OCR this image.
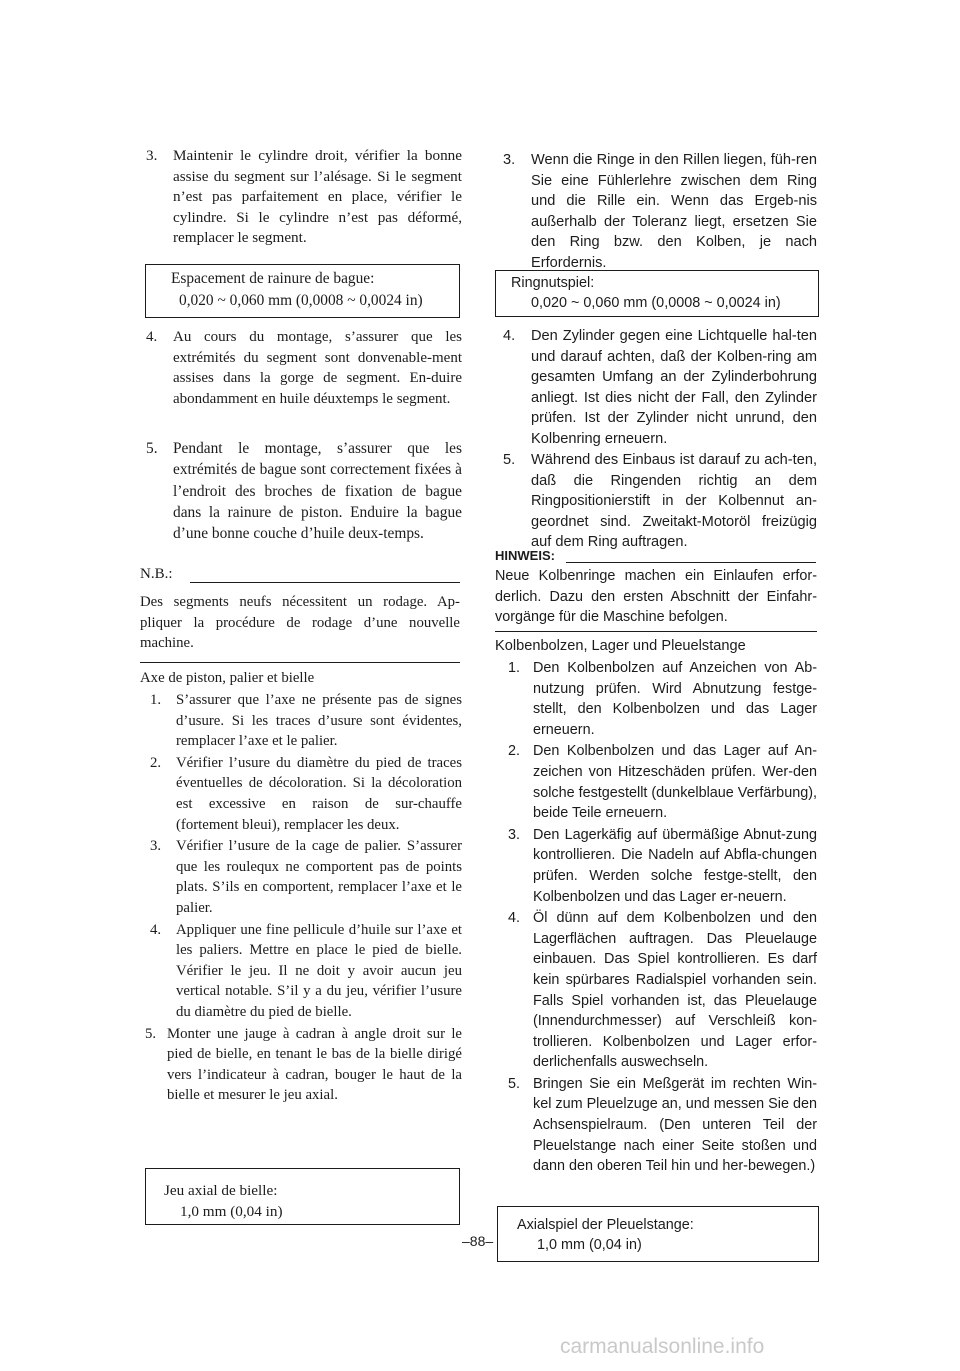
3.	Maintenir le cylindre droit, vérifier la bonne assise du segment sur l’alésage. Si le segment n’est pas parfaitement en place, vérifier le cylindre. Si le cylindre n’est pas déformé, remplacer le segment.
Espacement de rainure de bague:
0,020 ~ 0,060 mm (0,0008 ~ 0,0024 in)
4.	Au cours du montage, s’assurer que les extrémités du segment sont donvenable-ment assises dans la gorge de segment. En-duire abondamment en huile déuxtemps le segment.
5.	Pendant le montage, s’assurer que les extrémités de bague sont correctement fixées à l’endroit des broches de fixation de bague dans la rainure de piston. Enduire la bague d’une bonne couche d’huile deux-temps.
N.B.:
Des segments neufs nécessitent un rodage. Ap-pliquer la procédure de rodage d’une nouvelle machine.
Axe de piston, palier et bielle
1.	S’assurer que l’axe ne présente pas de signes d’usure. Si les traces d’usure sont évidentes, remplacer l’axe et le palier.
2.	Vérifier l’usure du diamètre du pied de traces éventuelles de décoloration. Si la décoloration est excessive en raison de sur-chauffe (fortement bleui), remplacer les deux.
3.	Vérifier l’usure de la cage de palier. S’assurer que les roulequx ne comportent pas de points plats. S’ils en comportent, remplacer l’axe et le palier.
4.	Appliquer une fine pellicule d’huile sur l’axe et les paliers. Mettre en place le pied de bielle. Vérifier le jeu. Il ne doit y avoir aucun jeu vertical notable. S’il y a du jeu, vérifier l’usure du diamètre du pied de bielle.
5. Monter une jauge à cadran à angle droit sur le pied de bielle, en tenant le bas de la bielle dirigé vers l’indicateur à cadran, bouger le haut de la bielle et mesurer le jeu axial.
Jeu axial de bielle:
1,0 mm (0,04 in)
3.	Wenn die Ringe in den Rillen liegen, füh-ren Sie eine Fühlerlehre zwischen dem Ring und die Rille ein. Wenn das Ergeb-nis außerhalb der Toleranz liegt, ersetzen Sie den Ring bzw. den Kolben, je nach Erfordernis.
Ringnutspiel:
0,020 ~ 0,060 mm (0,0008 ~ 0,0024 in)
4.	Den Zylinder gegen eine Lichtquelle hal-ten und darauf achten, daß der Kolben-ring am gesamten Umfang an der Zylinderbohrung anliegt. Ist dies nicht der Fall, den Zylinder prüfen. Ist der Zylinder nicht unrund, den Kolbenring erneuern.
5.	Während des Einbaus ist darauf zu ach-ten, daß die Ringenden richtig an dem Ringpositionierstift in der Kolbennut an-geordnet sind. Zweitakt-Motoröl freizügig auf dem Ring auftragen.
HINWEIS:
Neue Kolbenringe machen ein Einlaufen erfor-derlich. Dazu den ersten Abschnitt der Einfahr-vorgänge für die Maschine befolgen.
Kolbenbolzen, Lager und Pleuelstange
1. Den Kolbenbolzen auf Anzeichen von Ab-nutzung prüfen. Wird Abnutzung festge-stellt, den Kolbenbolzen und das Lager erneuern.
2. Den Kolbenbolzen und das Lager auf An-zeichen von Hitzeschäden prüfen. Wer-den solche festgestellt (dunkelblaue Verfärbung), beide Teile erneuern.
3. Den Lagerkäfig auf übermäßige Abnut-zung kontrollieren. Die Nadeln auf Abfla-chungen prüfen. Werden solche festge-stellt, den Kolbenbolzen und das Lager er-neuern.
4. Öl dünn auf dem Kolbenbolzen und den Lagerflächen auftragen. Das Pleuelauge einbauen. Das Spiel kontrollieren. Es darf kein spürbares Radialspiel vorhanden sein. Falls Spiel vorhanden ist, das Pleuelauge (Innendurchmesser) auf Verschleiß kon-trollieren. Kolbenbolzen und Lager erfor-derlichenfalls auswechseln.
5. Bringen Sie ein Meßgerät im rechten Win-kel zum Pleuelzuge an, und messen Sie den Achsenspielraum. (Den unteren Teil der Pleuelstange nach einer Seite stoßen und dann den oberen Teil hin und her-bewegen.)
Axialspiel der Pleuelstange:
1,0 mm (0,04 in)
–88–
carmanualsonline.info
